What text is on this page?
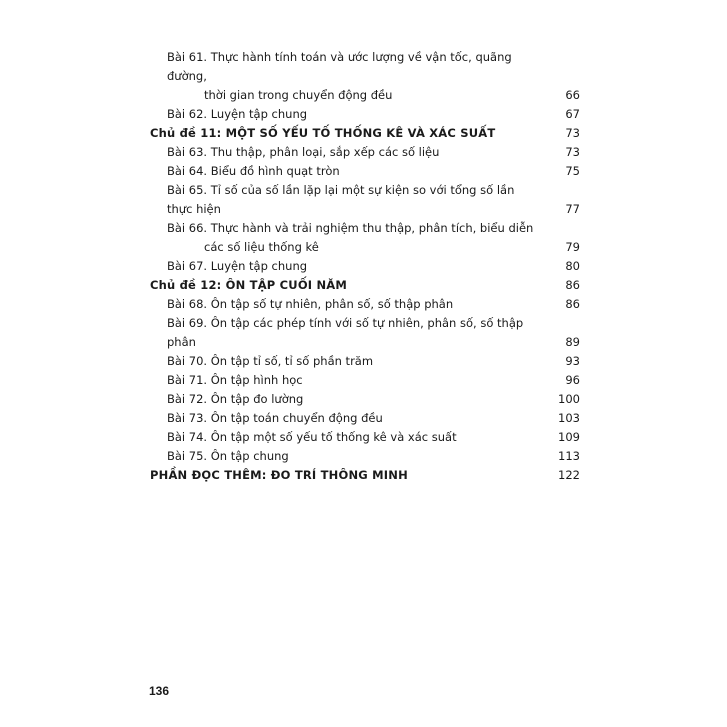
Bài 61. Thực hành tính toán và ước lượng về vận tốc, quãng đường,
thời gian trong chuyển động đều	66
Bài 62. Luyện tập chung	67
Chủ đề 11: MỘT SỐ YẾU TỐ THỐNG KÊ VÀ XÁC SUẤT	73
Bài 63. Thu thập, phân loại, sắp xếp các số liệu	73
Bài 64. Biểu đồ hình quạt tròn	75
Bài 65. Tỉ số của số lần lặp lại một sự kiện so với tổng số lần thực hiện	77
Bài 66. Thực hành và trải nghiệm thu thập, phân tích, biểu diễn
các số liệu thống kê	79
Bài 67. Luyện tập chung	80
Chủ đề 12: ÔN TẬP CUỐI NĂM	86
Bài 68. Ôn tập số tự nhiên, phân số, số thập phân	86
Bài 69. Ôn tập các phép tính với số tự nhiên, phân số, số thập phân	89
Bài 70. Ôn tập tỉ số, tỉ số phần trăm	93
Bài 71. Ôn tập hình học	96
Bài 72. Ôn tập đo lường	100
Bài 73. Ôn tập toán chuyển động đều	103
Bài 74. Ôn tập một số yếu tố thống kê và xác suất	109
Bài 75. Ôn tập chung	113
PHẦN ĐỌC THÊM: ĐO TRÍ THÔNG MINH	122
136
